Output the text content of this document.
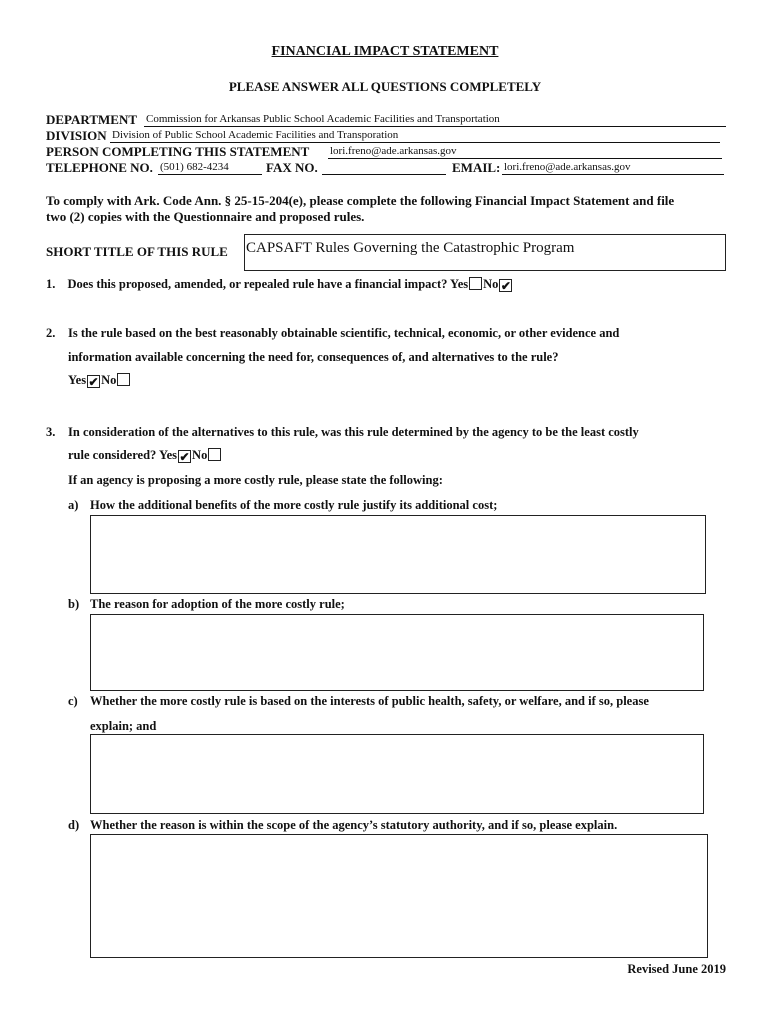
FINANCIAL IMPACT STATEMENT
PLEASE ANSWER ALL QUESTIONS COMPLETELY
DEPARTMENT Commission for Arkansas Public School Academic Facilities and Transportation
DIVISION Division of Public School Academic Facilities and Transporation
PERSON COMPLETING THIS STATEMENT lori.freno@ade.arkansas.gov
TELEPHONE NO. (501) 682-4234	FAX NO.	EMAIL: lori.freno@ade.arkansas.gov
To comply with Ark. Code Ann. § 25-15-204(e), please complete the following Financial Impact Statement and file
two (2) copies with the Questionnaire and proposed rules.
SHORT TITLE OF THIS RULE CAPSAFT Rules Governing the Catastrophic Program
1. Does this proposed, amended, or repealed rule have a financial impact? Yes No ✔
2. Is the rule based on the best reasonably obtainable scientific, technical, economic, or other evidence and
information available concerning the need for, consequences of, and alternatives to the rule?
Yes ✔ No
3. In consideration of the alternatives to this rule, was this rule determined by the agency to be the least costly
rule considered? Yes ✔ No
If an agency is proposing a more costly rule, please state the following:
a) How the additional benefits of the more costly rule justify its additional cost;
b) The reason for adoption of the more costly rule;
c) Whether the more costly rule is based on the interests of public health, safety, or welfare, and if so, please
explain; and
d) Whether the reason is within the scope of the agency’s statutory authority, and if so, please explain.
Revised June 2019
